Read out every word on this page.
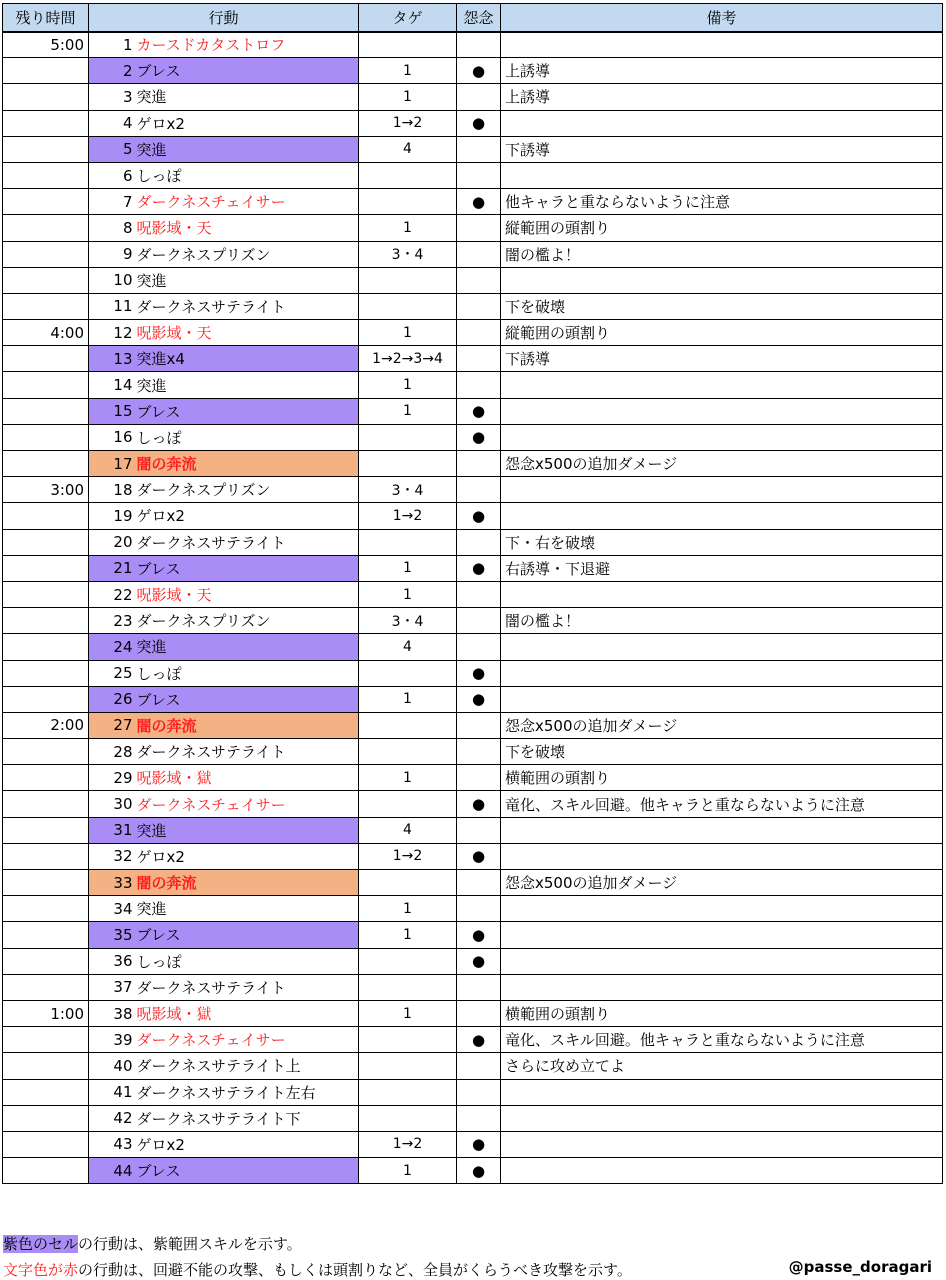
残り時間	行動		タゲ	怨念	備考
5:00	1	カースドカタストロフ			
	2	ブレス	1	●	上誘導
	3	突進	1		上誘導
	4	ゲロx2	1→2	●	
	5	突進	4		下誘導
	6	しっぽ			
	7	ダークネスチェイサー		●	他キャラと重ならないように注意
	8	呪影域・天	1		縦範囲の頭割り
	9	ダークネスプリズン	3・4		闇の檻よ！
	10	突進			
	11	ダークネスサテライト			下を破壊
4:00	12	呪影域・天	1		縦範囲の頭割り
	13	突進x4	1→2→3→4		下誘導
	14	突進	1		
	15	ブレス	1	●	
	16	しっぽ		●	
	17	闇の奔流			怨念x500の追加ダメージ
3:00	18	ダークネスプリズン	3・4		
	19	ゲロx2	1→2	●	
	20	ダークネスサテライト			下・右を破壊
	21	ブレス	1	●	右誘導・下退避
	22	呪影域・天	1		
	23	ダークネスプリズン	3・4		闇の檻よ！
	24	突進	4		
	25	しっぽ		●	
	26	ブレス	1	●	
2:00	27	闇の奔流			怨念x500の追加ダメージ
	28	ダークネスサテライト			下を破壊
	29	呪影域・獄	1		横範囲の頭割り
	30	ダークネスチェイサー		●	竜化、スキル回避。他キャラと重ならないように注意
	31	突進	4		
	32	ゲロx2	1→2	●	
	33	闇の奔流			怨念x500の追加ダメージ
	34	突進	1		
	35	ブレス	1	●	
	36	しっぽ		●	
	37	ダークネスサテライト			
1:00	38	呪影域・獄	1		横範囲の頭割り
	39	ダークネスチェイサー		●	竜化、スキル回避。他キャラと重ならないように注意
	40	ダークネスサテライト上			さらに攻め立てよ
	41	ダークネスサテライト左右			
	42	ダークネスサテライト下			
	43	ゲロx2	1→2	●	
	44	ブレス	1	●	
紫色のセルの行動は、紫範囲スキルを示す。
文字色が赤の行動は、回避不能の攻撃、もしくは頭割りなど、全員がくらうべき攻撃を示す。	@passe_doragari
